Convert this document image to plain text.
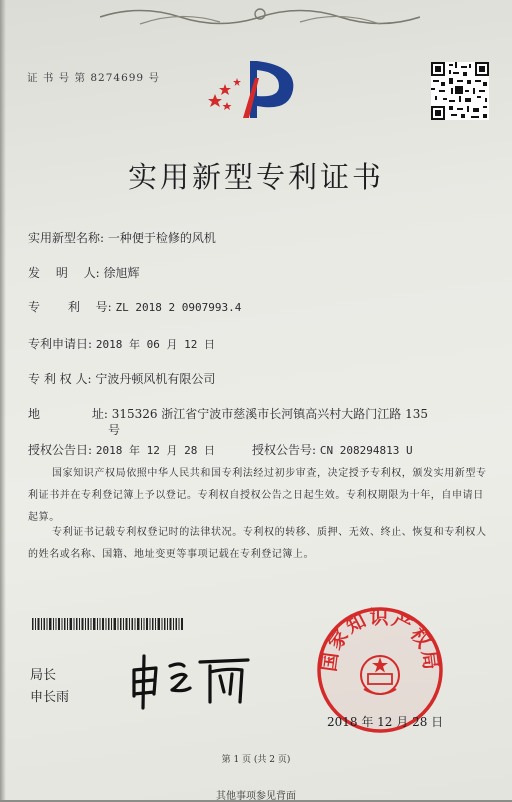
证 书 号 第 8274699 号
实用新型专利证书
实用新型名称: 一种便于检修的风机
发　 明　 人: 徐旭辉
专　　 利　 号: ZL 2018 2 0907993.4
专利申请日: 2018 年 06 月 12 日
专 利 权 人: 宁波丹顿风机有限公司
地　　　　 址: 315326 浙江省宁波市慈溪市长河镇高兴村大路门江路 135
号
授权公告日: 2018 年 12 月 28 日	授权公告号: CN 208294813 U
国家知识产权局依照中华人民共和国专利法经过初步审查，决定授予专利权，颁发实用新型专利证书并在专利登记簿上予以登记。专利权自授权公告之日起生效。专利权期限为十年，自申请日起算。
专利证书记载专利权登记时的法律状况。专利权的转移、质押、无效、终止、恢复和专利权人的姓名或名称、国籍、地址变更等事项记载在专利登记簿上。
局长
申长雨
国家知识产权局
2018 年 12 月 28 日
第 1 页 (共 2 页)
其他事项参见背面
